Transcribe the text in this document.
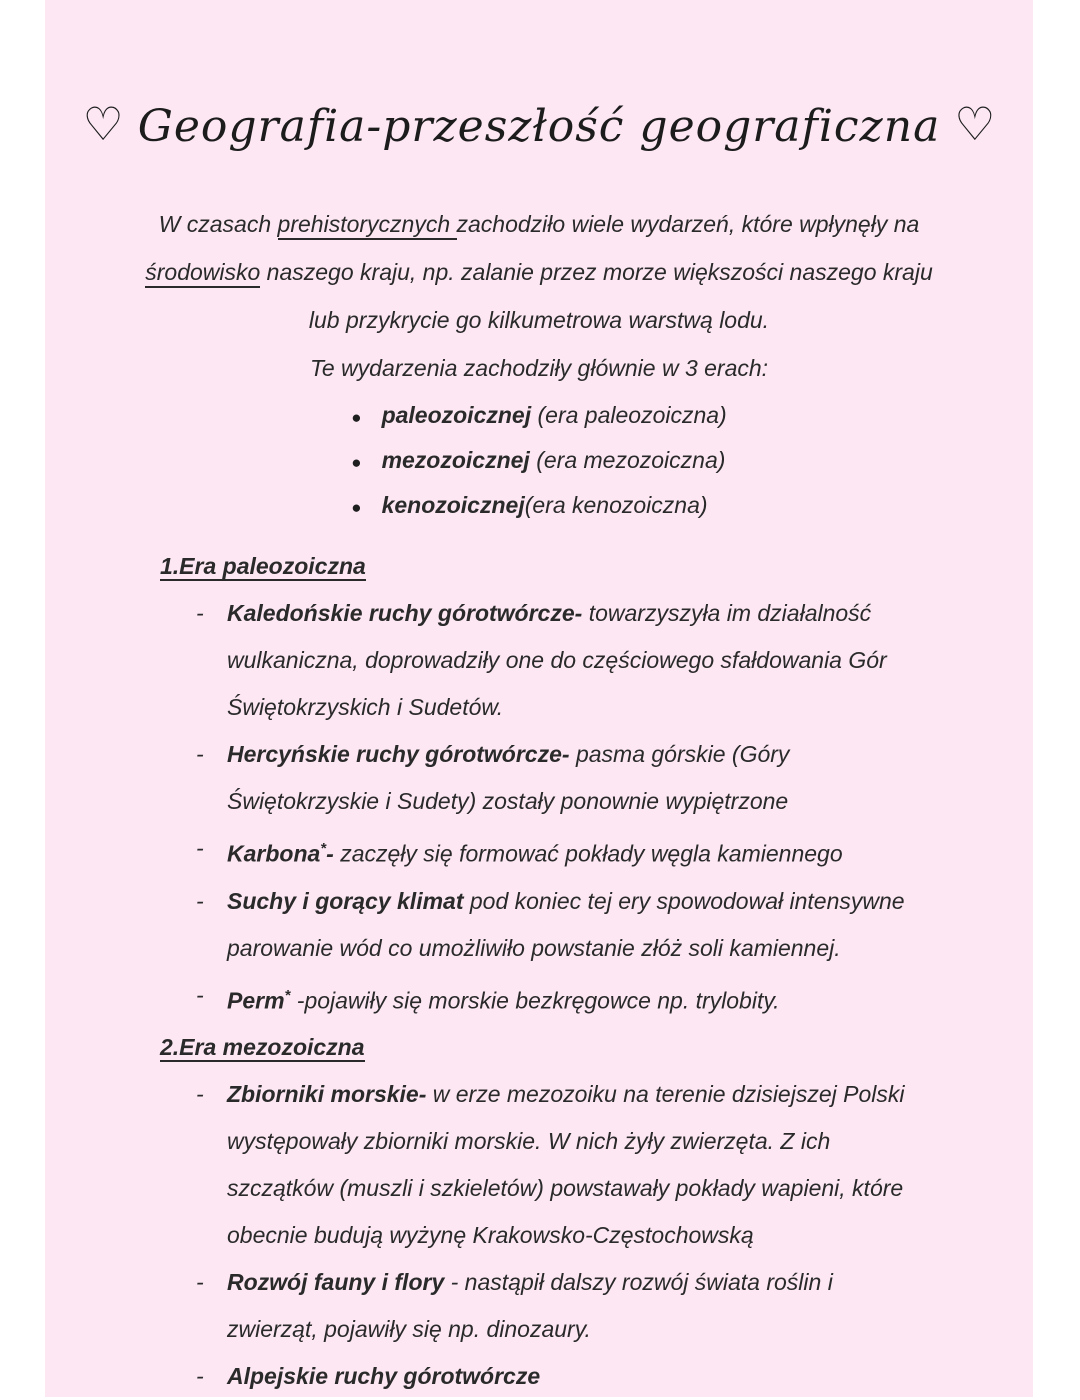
♡ Geografia-przeszłość geograficzna ♡

W czasach prehistorycznych zachodziło wiele wydarzeń, które wpłynęły na

środowisko naszego kraju, np. zalanie przez morze większości naszego kraju

lub przykrycie go kilkumetrowa warstwą lodu.

Te wydarzenia zachodziły głównie w 3 erach:

● paleozoicznej (era paleozoiczna)
● mezozoicznej (era mezozoiczna)
● kenozoicznej(era kenozoiczna)
1.Era paleozoiczna
-	Kaledońskie ruchy górotwórcze- towarzyszyła im działalność wulkaniczna, doprowadziły one do częściowego sfałdowania Gór Świętokrzyskich i Sudetów.

-	Hercyńskie ruchy górotwórcze- pasma górskie (Góry Świętokrzyskie i Sudety) zostały ponownie wypiętrzone

-	Karbona*- zaczęły się formować pokłady węgla kamiennego

-	Suchy i gorący klimat pod koniec tej ery spowodował intensywne parowanie wód co umożliwiło powstanie złóż soli kamiennej.

-	Perm* -pojawiły się morskie bezkręgowce np. trylobity.

2.Era mezozoiczna
-	Zbiorniki morskie- w erze mezozoiku na terenie dzisiejszej Polski występowały zbiorniki morskie. W nich żyły zwierzęta. Z ich szczątków (muszli i szkieletów) powstawały pokłady wapieni, które obecnie budują wyżynę Krakowsko-Częstochowską

-	Rozwój fauny i flory - nastąpił dalszy rozwój świata roślin i zwierząt, pojawiły się np. dinozaury.

-	Alpejskie ruchy górotwórcze
